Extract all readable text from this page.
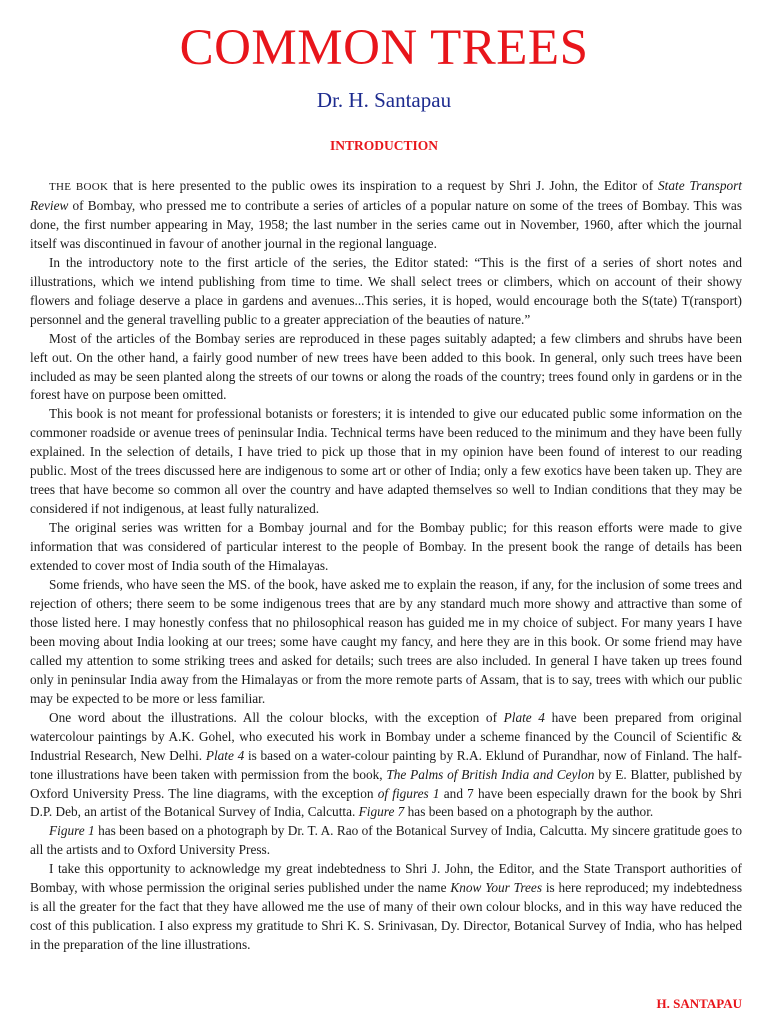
COMMON TREES
Dr. H. Santapau
INTRODUCTION

THE BOOK that is here presented to the public owes its inspiration to a request by Shri J. John, the Editor of State Transport Review of Bombay, who pressed me to contribute a series of articles of a popular nature on some of the trees of Bombay. This was done, the first number appearing in May, 1958; the last number in the series came out in November, 1960, after which the journal itself was discontinued in favour of another journal in the regional language.

In the introductory note to the first article of the series, the Editor stated: “This is the first of a series of short notes and illustrations, which we intend publishing from time to time. We shall select trees or climbers, which on account of their showy flowers and foliage deserve a place in gardens and avenues...This series, it is hoped, would encourage both the S(tate) T(ransport) personnel and the general travelling public to a greater appreciation of the beauties of nature.”

Most of the articles of the Bombay series are reproduced in these pages suitably adapted; a few climbers and shrubs have been left out. On the other hand, a fairly good number of new trees have been added to this book. In general, only such trees have been included as may be seen planted along the streets of our towns or along the roads of the country; trees found only in gardens or in the forest have on purpose been omitted.

This book is not meant for professional botanists or foresters; it is intended to give our educated public some information on the commoner roadside or avenue trees of peninsular India. Technical terms have been reduced to the minimum and they have been fully explained. In the selection of details, I have tried to pick up those that in my opinion have been found of interest to our reading public. Most of the trees discussed here are indigenous to some art or other of India; only a few exotics have been taken up. They are trees that have become so common all over the country and have adapted themselves so well to Indian conditions that they may be considered if not indigenous, at least fully naturalized.

The original series was written for a Bombay journal and for the Bombay public; for this reason efforts were made to give information that was considered of particular interest to the people of Bombay. In the present book the range of details has been extended to cover most of India south of the Himalayas.

Some friends, who have seen the MS. of the book, have asked me to explain the reason, if any, for the inclusion of some trees and rejection of others; there seem to be some indigenous trees that are by any standard much more showy and attractive than some of those listed here. I may honestly confess that no philosophical reason has guided me in my choice of subject. For many years I have been moving about India looking at our trees; some have caught my fancy, and here they are in this book. Or some friend may have called my attention to some striking trees and asked for details; such trees are also included. In general I have taken up trees found only in peninsular India away from the Himalayas or from the more remote parts of Assam, that is to say, trees with which our public may be expected to be more or less familiar.

One word about the illustrations. All the colour blocks, with the exception of Plate 4 have been prepared from original watercolour paintings by A.K. Gohel, who executed his work in Bombay under a scheme financed by the Council of Scientific & Industrial Research, New Delhi. Plate 4 is based on a water-colour painting by R.A. Eklund of Purandhar, now of Finland. The half-tone illustrations have been taken with permission from the book, The Palms of British India and Ceylon by E. Blatter, published by Oxford University Press. The line diagrams, with the exception of figures 1 and 7 have been especially drawn for the book by Shri D.P. Deb, an artist of the Botanical Survey of India, Calcutta. Figure 7 has been based on a photograph by the author.

Figure 1 has been based on a photograph by Dr. T. A. Rao of the Botanical Survey of India, Calcutta. My sincere gratitude goes to all the artists and to Oxford University Press.

I take this opportunity to acknowledge my great indebtedness to Shri J. John, the Editor, and the State Transport authorities of Bombay, with whose permission the original series published under the name Know Your Trees is here reproduced; my indebtedness is all the greater for the fact that they have allowed me the use of many of their own colour blocks, and in this way have reduced the cost of this publication. I also express my gratitude to Shri K. S. Srinivasan, Dy. Director, Botanical Survey of India, who has helped in the preparation of the line illustrations.

H. SANTAPAU
